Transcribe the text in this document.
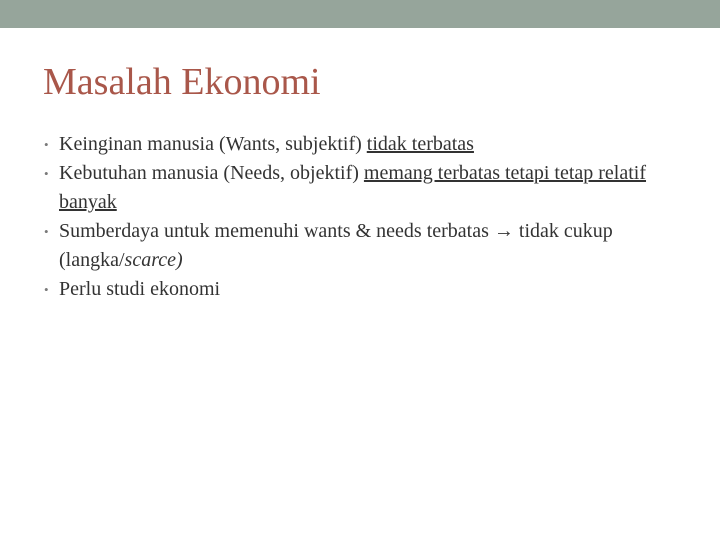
Masalah Ekonomi
• Keinginan manusia (Wants, subjektif) tidak terbatas
• Kebutuhan manusia (Needs, objektif) memang terbatas tetapi tetap relatif banyak
• Sumberdaya untuk memenuhi wants & needs terbatas → tidak cukup (langka/scarce)
• Perlu studi ekonomi
